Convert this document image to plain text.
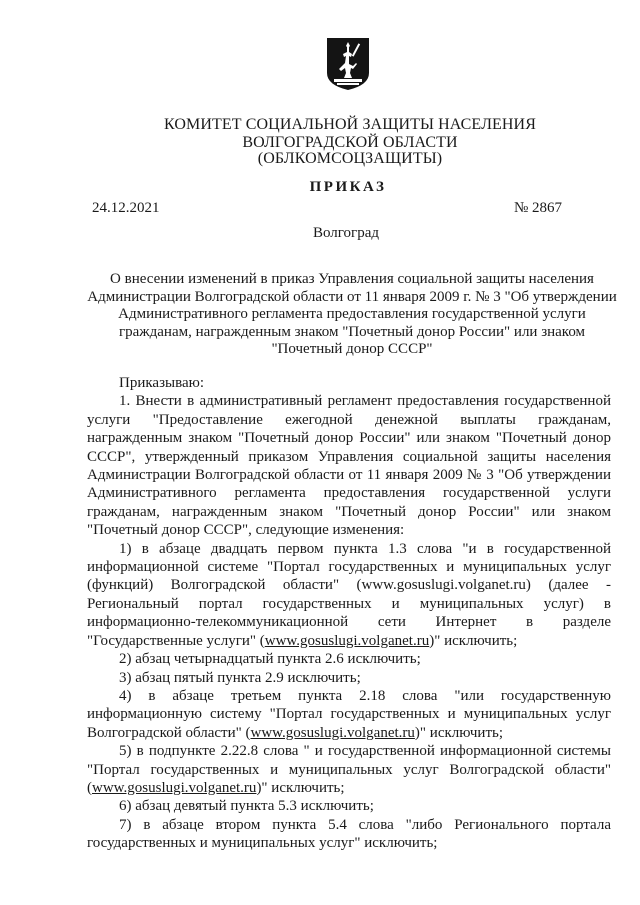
КОМИТЕТ СОЦИАЛЬНОЙ ЗАЩИТЫ НАСЕЛЕНИЯ
ВОЛГОГРАДСКОЙ ОБЛАСТИ
(ОБЛКОМСОЦЗАЩИТЫ)
ПРИКАЗ
24.12.2021	№ 2867
Волгоград
О внесении изменений в приказ Управления социальной защиты населения Администрации Волгоградской области от 11 января 2009 г. № 3 "Об утверждении Административного регламента предоставления государственной услуги гражданам, награжденным знаком "Почетный донор России" или знаком "Почетный донор СССР"

Приказываю:

1. Внести в административный регламент предоставления государственной услуги "Предоставление ежегодной денежной выплаты гражданам, награжденным знаком "Почетный донор России" или знаком "Почетный донор СССР", утвержденный приказом Управления социальной защиты населения Администрации Волгоградской области от 11 января 2009 № 3 "Об утверждении Административного регламента предоставления государственной услуги гражданам, награжденным знаком "Почетный донор России" или знаком "Почетный донор СССР", следующие изменения:

1) в абзаце двадцать первом пункта 1.3 слова "и в государственной информационной системе "Портал государственных и муниципальных услуг (функций) Волгоградской области" (www.gosuslugi.volganet.ru) (далее - Региональный портал государственных и муниципальных услуг) в информационно-телекоммуникационной сети Интернет в разделе "Государственные услуги" (www.gosuslugi.volganet.ru)" исключить;

2) абзац четырнадцатый пункта 2.6 исключить;

3) абзац пятый пункта 2.9 исключить;

4) в абзаце третьем пункта 2.18 слова "или государственную информационную систему "Портал государственных и муниципальных услуг Волгоградской области" (www.gosuslugi.volganet.ru)" исключить;

5) в подпункте 2.22.8 слова " и государственной информационной системы "Портал государственных и муниципальных услуг Волгоградской области" (www.gosuslugi.volganet.ru)" исключить;

6) абзац девятый пункта 5.3 исключить;

7) в абзаце втором пункта 5.4 слова "либо Регионального портала государственных и муниципальных услуг" исключить;
